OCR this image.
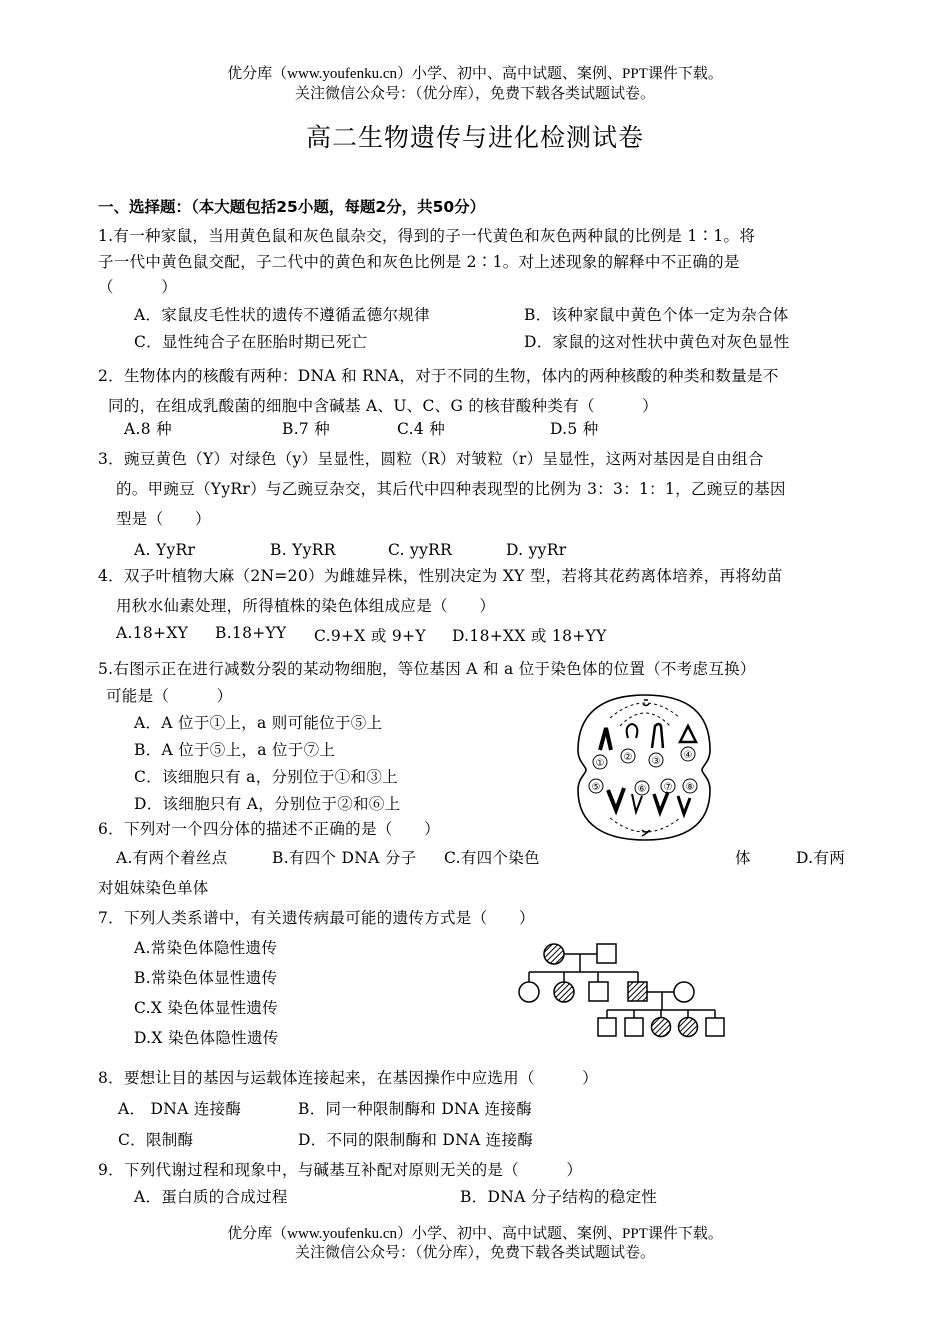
优分库（www.youfenku.cn）小学、初中、高中试题、案例、PPT课件下载。
关注微信公众号：（优分库），免费下载各类试题试卷。
高二生物遗传与进化检测试卷
一、选择题：（本大题包括25小题，每题2分，共50分）
1.有一种家鼠，当用黄色鼠和灰色鼠杂交，得到的子一代黄色和灰色两种鼠的比例是 1∶1。将
子一代中黄色鼠交配，子二代中的黄色和灰色比例是 2∶1。对上述现象的解释中不正确的是
（　　　）
A．家鼠皮毛性状的遗传不遵循孟德尔规律	B．该种家鼠中黄色个体一定为杂合体
C．显性纯合子在胚胎时期已死亡	D．家鼠的这对性状中黄色对灰色显性
2．生物体内的核酸有两种：DNA 和 RNA，对于不同的生物，体内的两种核酸的种类和数量是不
同的，在组成乳酸菌的细胞中含碱基 A、U、C、G 的核苷酸种类有（　　　）
A.8 种	B.7 种	C.4 种	D.5 种
3．豌豆黄色（Y）对绿色（y）呈显性，圆粒（R）对皱粒（r）呈显性，这两对基因是自由组合
的。甲豌豆（YyRr）与乙豌豆杂交，其后代中四种表现型的比例为 3：3：1：1，乙豌豆的基因
型是（　　）
A. YyRr	B. YyRR	C. yyRR	D. yyRr
4．双子叶植物大麻（2N=20）为雌雄异株，性别决定为 XY 型，若将其花药离体培养，再将幼苗
用秋水仙素处理，所得植株的染色体组成应是（　　）
A.18+XY B.18+YY C.9+X 或 9+Y D.18+XX 或 18+YY
5.右图示正在进行减数分裂的某动物细胞，等位基因 A 和 a 位于染色体的位置（不考虑互换）
可能是（　　　）
A．A 位于①上，a 则可能位于⑤上
B．A 位于⑤上，a 位于⑦上
C．该细胞只有 a，分别位于①和③上
D．该细胞只有 A，分别位于②和⑥上
①
② ③
④
⑤	⑥ ⑦ ⑧
6．下列对一个四分体的描述不正确的是（　　）
A.有两个着丝点	B.有四个 DNA 分子 C.有四个染色	体	D.有两
对姐妹染色单体
7．下列人类系谱中，有关遗传病最可能的遗传方式是（　　）
A.常染色体隐性遗传
B.常染色体显性遗传
C.X 染色体显性遗传
D.X 染色体隐性遗传
8．要想让目的基因与运载体连接起来，在基因操作中应选用（　　　）
A． DNA 连接酶	B．同一种限制酶和 DNA 连接酶
C．限制酶	D．不同的限制酶和 DNA 连接酶
9．下列代谢过程和现象中，与碱基互补配对原则无关的是（　　　）
A．蛋白质的合成过程	B．DNA 分子结构的稳定性
优分库（www.youfenku.cn）小学、初中、高中试题、案例、PPT课件下载。
关注微信公众号：（优分库），免费下载各类试题试卷。
